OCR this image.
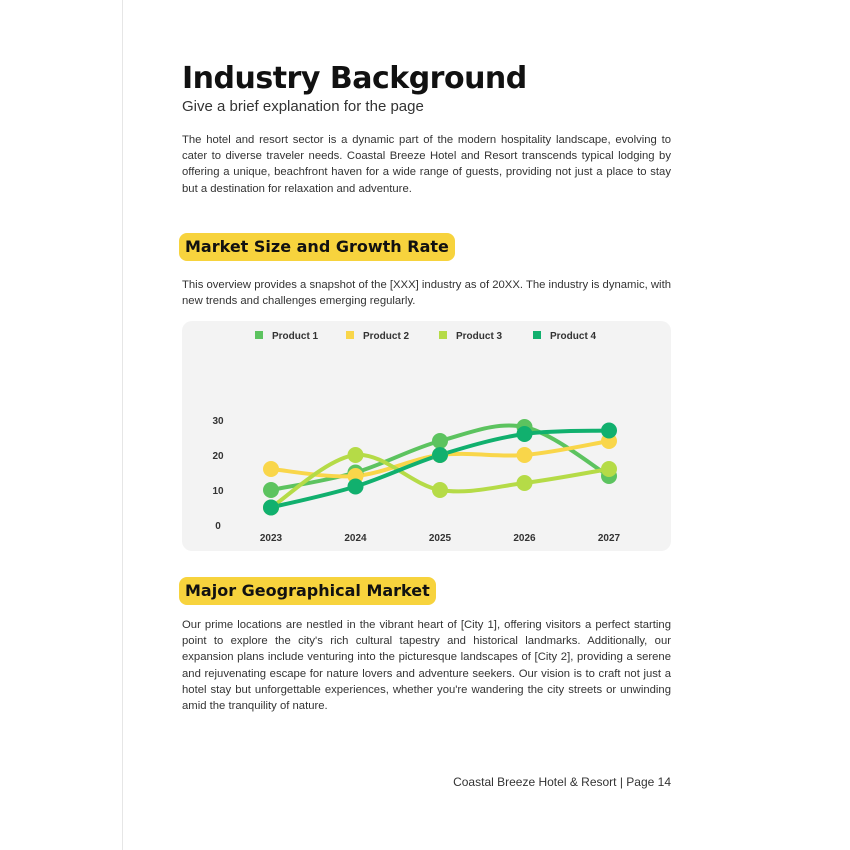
Industry Background

Give a brief explanation for the page

The hotel and resort sector is a dynamic part of the modern hospitality landscape, evolving to cater to diverse traveler needs. Coastal Breeze Hotel and Resort transcends typical lodging by offering a unique, beachfront haven for a wide range of guests, providing not just a place to stay but a destination for relaxation and adventure.

Market Size and Growth Rate

This overview provides a snapshot of the [XXX] industry as of 20XX. The industry is dynamic, with new trends and challenges emerging regularly.

Product 1	Product 2	Product 3	Product 4
0
10
20
30
2023	2024	2025	2026	2027
Major Geographical Market

Our prime locations are nestled in the vibrant heart of [City 1], offering visitors a perfect starting point to explore the city's rich cultural tapestry and historical landmarks. Additionally, our expansion plans include venturing into the picturesque landscapes of [City 2], providing a serene and rejuvenating escape for nature lovers and adventure seekers. Our vision is to craft not just a hotel stay but unforgettable experiences, whether you're wandering the city streets or unwinding amid the tranquility of nature.

Coastal Breeze Hotel & Resort | Page 14
